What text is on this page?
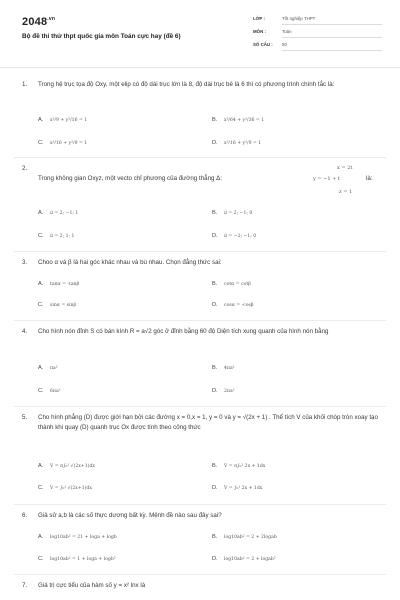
$2048^{.vn}$
Bộ đề thi thử thpt quốc gia môn Toán cực hay (đề 6)
LỚP :	Tốt nghiệp THPT
MÔN :	Toán
SỐ CÂU :	50
1. Trong hệ trục tọa độ Oxy, một elip có độ dài trục lớn là 8, độ dài trục bé là 6 thì có phương trình chính tắc là:
A.	x²/9 + y²/16 = 1	B.	x²/64 + y²/36 = 1
C.	x²/16 + y²/9 = 1	D.	x²/16 + y²/9 = 1
2.	x = 2t
Trong không gian Oxyz, một vecto chỉ phương của đường thẳng Δ:	y = −1 + t	là:
z = 1
A.	u⃗ = 2; −1; 1	B.	u⃗ = 2; −1; 0
C.	u⃗ = 2; 1; 1	D.	u⃗ = −2; −1; 0
3. Choo α và β là hai góc khác nhau và bù nhau. Chọn đẳng thức sai:
A.	tanα = -tanβ	B.	cotα = cotβ
C.	sinα = sinβ	D.	cosα = -cosβ
4. Cho hình nón đỉnh S có bán kính R = a√2 góc ở đỉnh bằng 60 độ Diện tích xung quanh của hình nón bằng
A.	πa²	B.	4πa²
C.	6πa²	D.	2πa²
5. Cho hình phẳng (D) được giới hạn bởi các đường x = 0,x = 1, y = 0 và y = √(2x + 1) . Thể tích V của khối chóp tròn xoay tạo thành khi quay (D) quanh trục Ox được tính theo công thức
A.	V = π∫₀¹ √(2x+1)dx	B.	V = π∫₀¹ 2x + 1dx
C.	V = ∫₀¹ √(2x+1)dx	D.	V = ∫₀¹ 2x + 1dx
6. Giả sử a,b là các số thực dương bất kỳ. Mệnh đề nào sau đây sai?
A.	log10ab² = 21 + loga + logb	B.	log10ab² = 2 + 2logab
C.	log10ab² = 1 + loga + logb²	D.	log10ab² = 2 + logab²
7. Giá trị cực tiểu của hàm số y = x² lnx là
